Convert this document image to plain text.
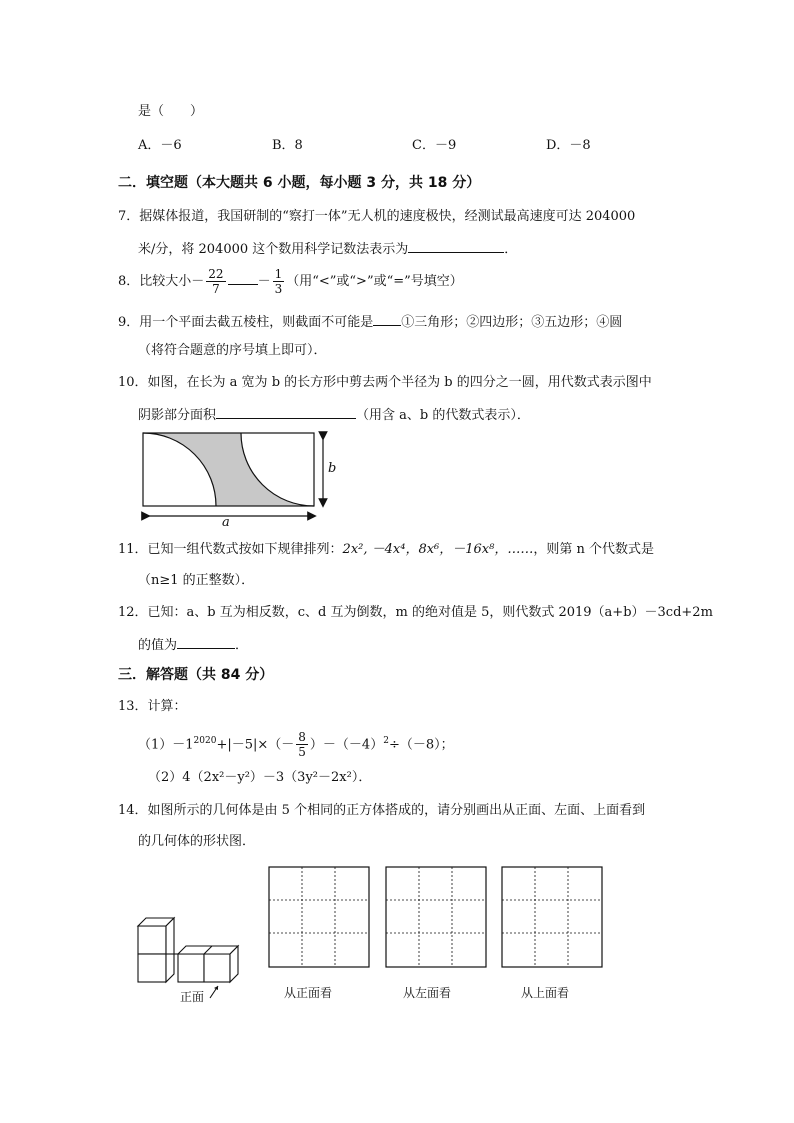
是（　　）
A．－6	B．8	C．－9	D．－8
二．填空题（本大题共 6 小题，每小题 3 分，共 18 分）
7．据媒体报道，我国研制的“察打一体”无人机的速度极快，经测试最高速度可达 204000
米/分，将 204000 这个数用科学记数法表示为	．
8．比较大小－ $\frac{22}{7} - \frac{1}{3}$ （用“<”或“>”或“=”号填空）
9．用一个平面去截五棱柱，则截面不可能是 ①三角形；②四边形；③五边形；④圆
（将符合题意的序号填上即可）．
10．如图，在长为 a 宽为 b 的长方形中剪去两个半径为 b 的四分之一圆，用代数式表示图中
阴影部分面积	（用含 a、b 的代数式表示）．
a
b
11．已知一组代数式按如下规律排列：2x², －4x⁴，8x⁶，－16x⁸，……，则第 n 个代数式是
（n≥1 的正整数）．
12．已知：a、b 互为相反数，c、d 互为倒数，m 的绝对值是 5，则代数式 2019（a+b）－3cd+2m
的值为	．
三．解答题（共 84 分）
13．计算：
$(1)-1^{2020}+|-5|\times(- \frac{8}{5} )-(-4)^2\div(-8)$；
（2）4（2x²－y²）－3（3y²－2x²）．
14．如图所示的几何体是由 5 个相同的正方体搭成的，请分别画出从正面、左面、上面看到
的几何体的形状图．
正面	从正面看	从左面看	从上面看
